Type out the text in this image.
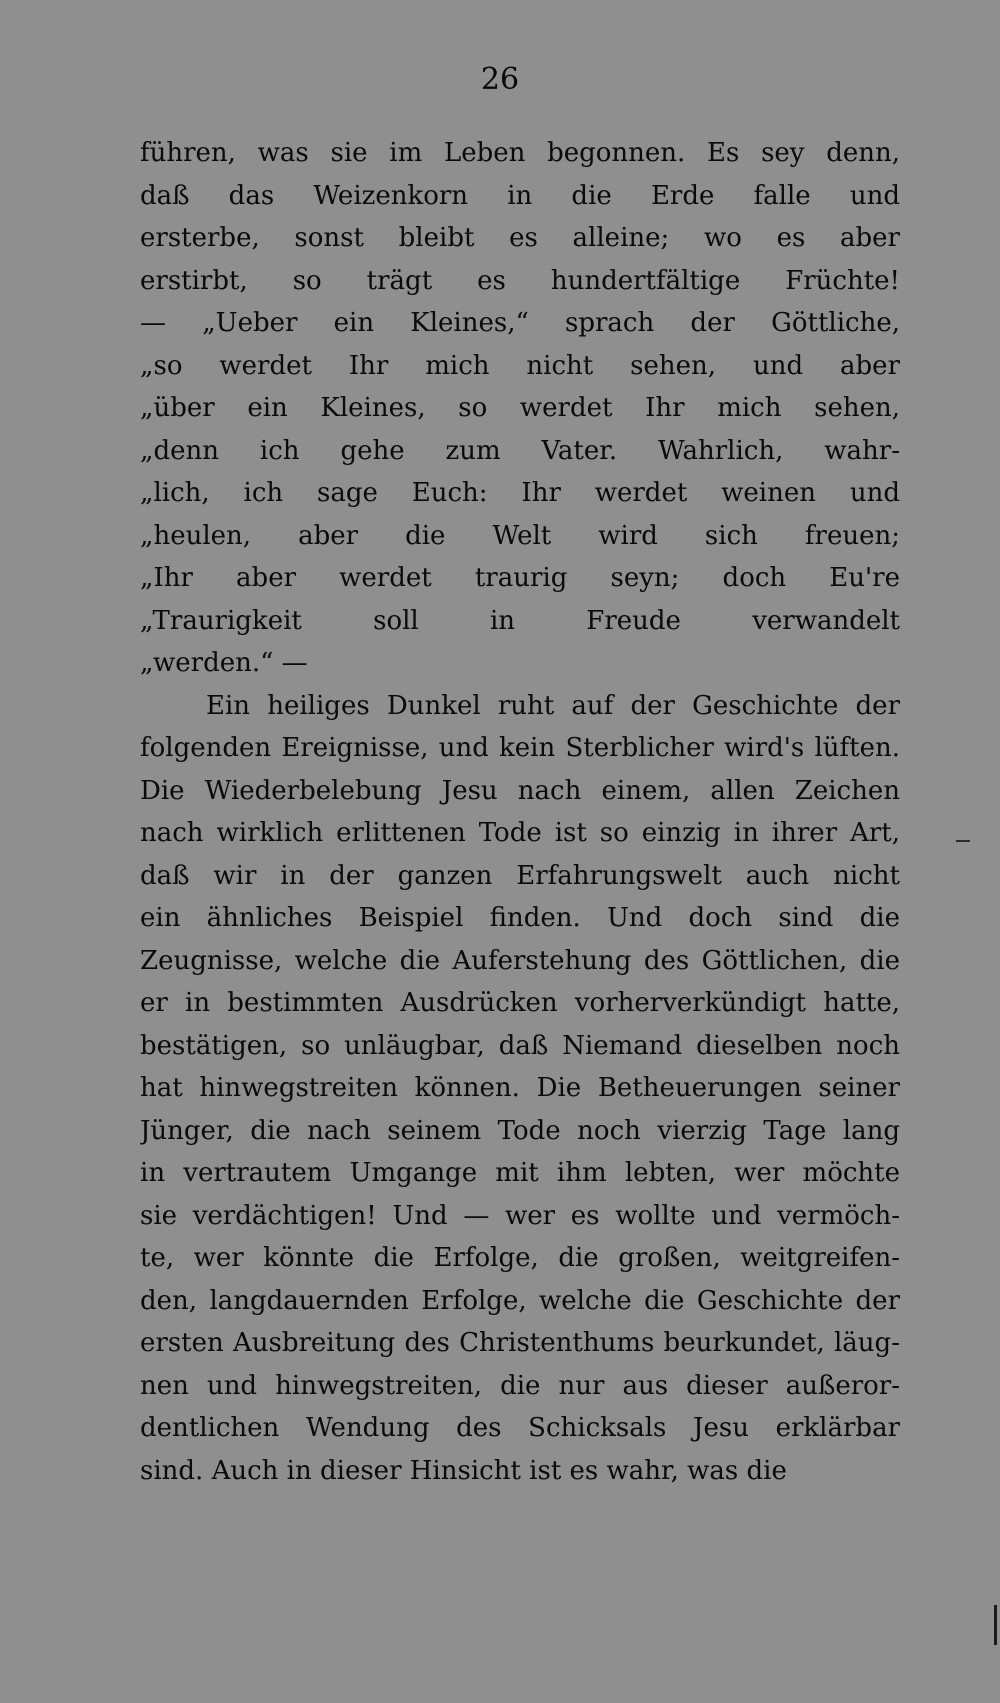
26
führen, was sie im Leben begonnen. Es sey denn,
daß das Weizenkorn in die Erde falle und
ersterbe, sonst bleibt es alleine; wo es aber
erstirbt, so trägt es hundertfältige Früchte!
— „Ueber ein Kleines,“ sprach der Göttliche,
„so werdet Ihr mich nicht sehen, und aber
„über ein Kleines, so werdet Ihr mich sehen,
„denn ich gehe zum Vater. Wahrlich, wahr-
„lich, ich sage Euch: Ihr werdet weinen und
„heulen, aber die Welt wird sich freuen;
„Ihr aber werdet traurig seyn; doch Eu're
„Traurigkeit soll in Freude verwandelt
„werden.“ —
Ein heiliges Dunkel ruht auf der Geschichte der
folgenden Ereignisse, und kein Sterblicher wird's lüften.
Die Wiederbelebung Jesu nach einem, allen Zeichen
nach wirklich erlittenen Tode ist so einzig in ihrer Art,
daß wir in der ganzen Erfahrungswelt auch nicht
ein ähnliches Beispiel finden. Und doch sind die
Zeugnisse, welche die Auferstehung des Göttlichen, die
er in bestimmten Ausdrücken vorherverkündigt hatte,
bestätigen, so unläugbar, daß Niemand dieselben noch
hat hinwegstreiten können. Die Betheuerungen seiner
Jünger, die nach seinem Tode noch vierzig Tage lang
in vertrautem Umgange mit ihm lebten, wer möchte
sie verdächtigen! Und — wer es wollte und vermöch-
te, wer könnte die Erfolge, die großen, weitgreifen-
den, langdauernden Erfolge, welche die Geschichte der
ersten Ausbreitung des Christenthums beurkundet, läug-
nen und hinwegstreiten, die nur aus dieser außeror-
dentlichen Wendung des Schicksals Jesu erklärbar
sind. Auch in dieser Hinsicht ist es wahr, was die
